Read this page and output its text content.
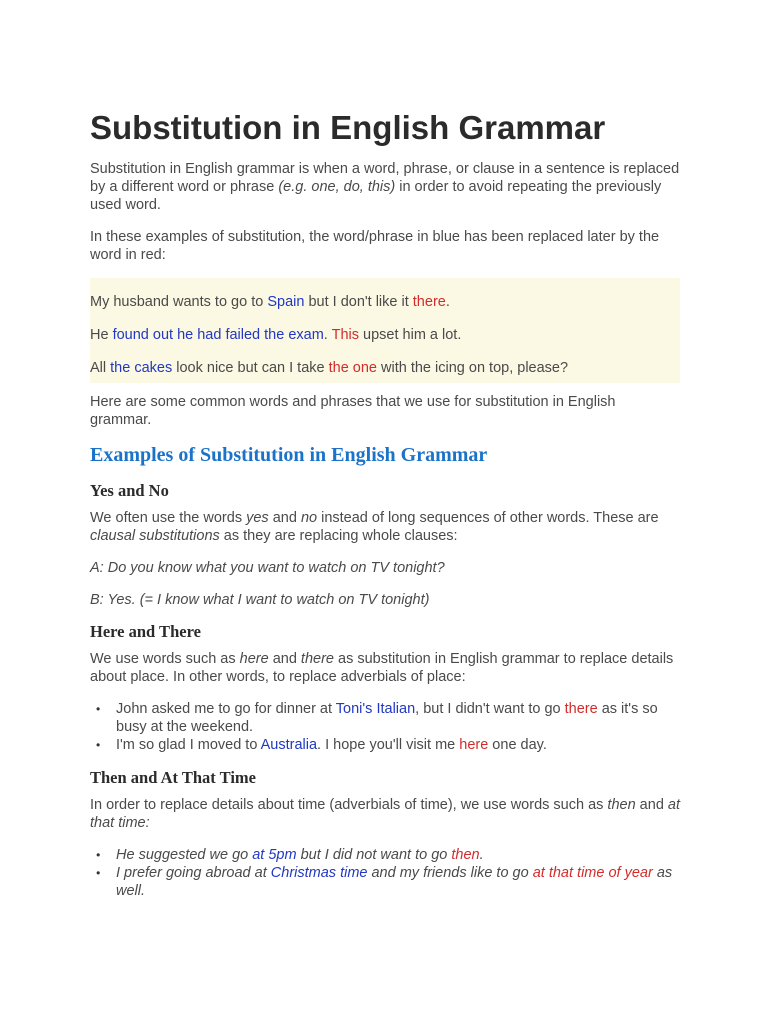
Substitution in English Grammar

Substitution in English grammar is when a word, phrase, or clause in a sentence is replaced by a different word or phrase (e.g. one, do, this) in order to avoid repeating the previously used word.

In these examples of substitution, the word/phrase in blue has been replaced later by the word in red:

My husband wants to go to Spain but I don't like it there.

He found out he had failed the exam. This upset him a lot.

All the cakes look nice but can I take the one with the icing on top, please?

Here are some common words and phrases that we use for substitution in English grammar.

Examples of Substitution in English Grammar
Yes and No

We often use the words yes and no instead of long sequences of other words. These are clausal substitutions as they are replacing whole clauses:

A: Do you know what you want to watch on TV tonight?

B: Yes. (= I know what I want to watch on TV tonight)

Here and There

We use words such as here and there as substitution in English grammar to replace details about place. In other words, to replace adverbials of place:

• John asked me to go for dinner at Toni's Italian, but I didn't want to go there as it's so busy at the weekend.
• I'm so glad I moved to Australia. I hope you'll visit me here one day.
Then and At That Time

In order to replace details about time (adverbials of time), we use words such as then and at that time:

• He suggested we go at 5pm but I did not want to go then.
• I prefer going abroad at Christmas time and my friends like to go at that time of year as well.
